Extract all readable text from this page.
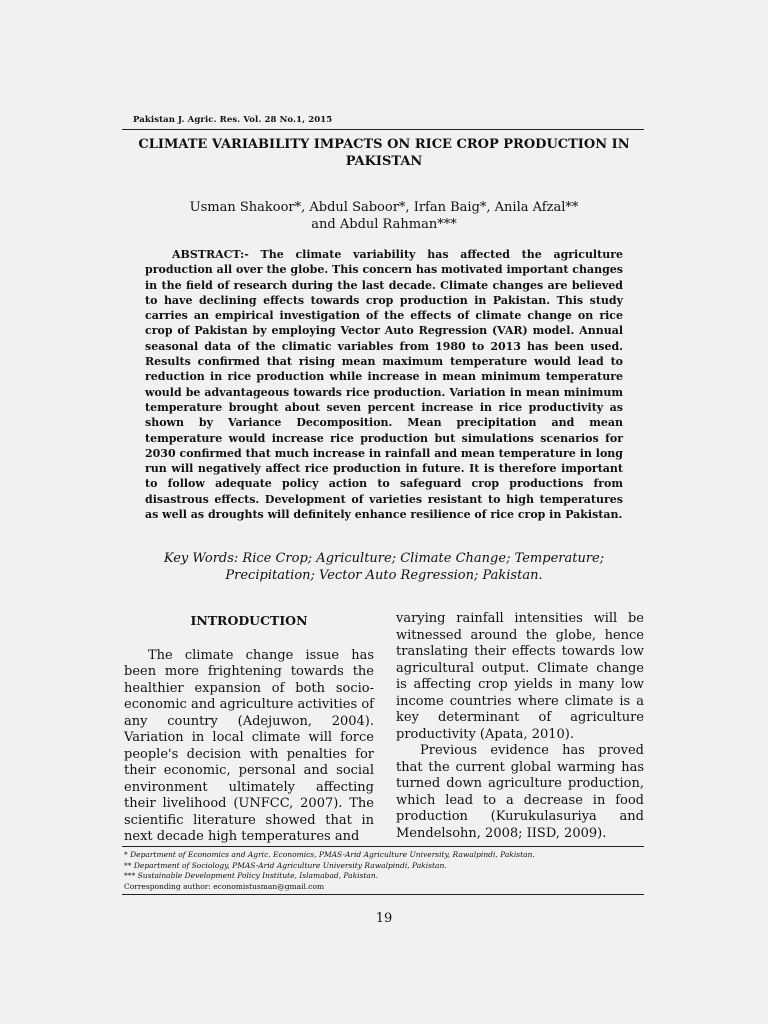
Pakistan J. Agric. Res. Vol. 28 No.1, 2015
CLIMATE VARIABILITY IMPACTS ON RICE CROP PRODUCTION IN PAKISTAN
Usman Shakoor*, Abdul Saboor*, Irfan Baig*, Anila Afzal**
and Abdul Rahman***

ABSTRACT:- The climate variability has affected the agriculture production all over the globe. This concern has motivated important changes in the field of research during the last decade. Climate changes are believed to have declining effects towards crop production in Pakistan. This study carries an empirical investigation of the effects of climate change on rice crop of Pakistan by employing Vector Auto Regression (VAR) model. Annual seasonal data of the climatic variables from 1980 to 2013 has been used. Results confirmed that rising mean maximum temperature would lead to reduction in rice production while increase in mean minimum temperature would be advantageous towards rice production. Variation in mean minimum temperature brought about seven percent increase in rice productivity as shown by Variance Decomposition. Mean precipitation and mean temperature would increase rice production but simulations scenarios for 2030 confirmed that much increase in rainfall and mean temperature in long run will negatively affect rice production in future. It is therefore important to follow adequate policy action to safeguard crop productions from disastrous effects. Development of varieties resistant to high temperatures as well as droughts will definitely enhance resilience of rice crop in Pakistan.

Key Words: Rice Crop; Agriculture; Climate Change; Temperature;
Precipitation; Vector Auto Regression; Pakistan.
INTRODUCTION

The climate change issue has been more frightening towards the healthier expansion of both socio-economic and agriculture activities of any country (Adejuwon, 2004). Variation in local climate will force people's decision with penalties for their economic, personal and social environment ultimately affecting their livelihood (UNFCC, 2007). The scientific literature showed that in next decade high temperatures and

varying rainfall intensities will be witnessed around the globe, hence translating their effects towards low agricultural output. Climate change is affecting crop yields in many low income countries where climate is a key determinant of agriculture productivity (Apata, 2010).

Previous evidence has proved that the current global warming has turned down agriculture production, which lead to a decrease in food production (Kurukulasuriya and Mendelsohn, 2008; IISD, 2009).

* Department of Economics and Agric. Economics, PMAS-Arid Agriculture University, Rawalpindi, Pakistan.
** Department of Sociology, PMAS-Arid Agriculture University Rawalpindi, Pakistan.
*** Sustainable Development Policy Institute, Islamabad, Pakistan.
Corresponding author: economistusman@gmail.com
19
